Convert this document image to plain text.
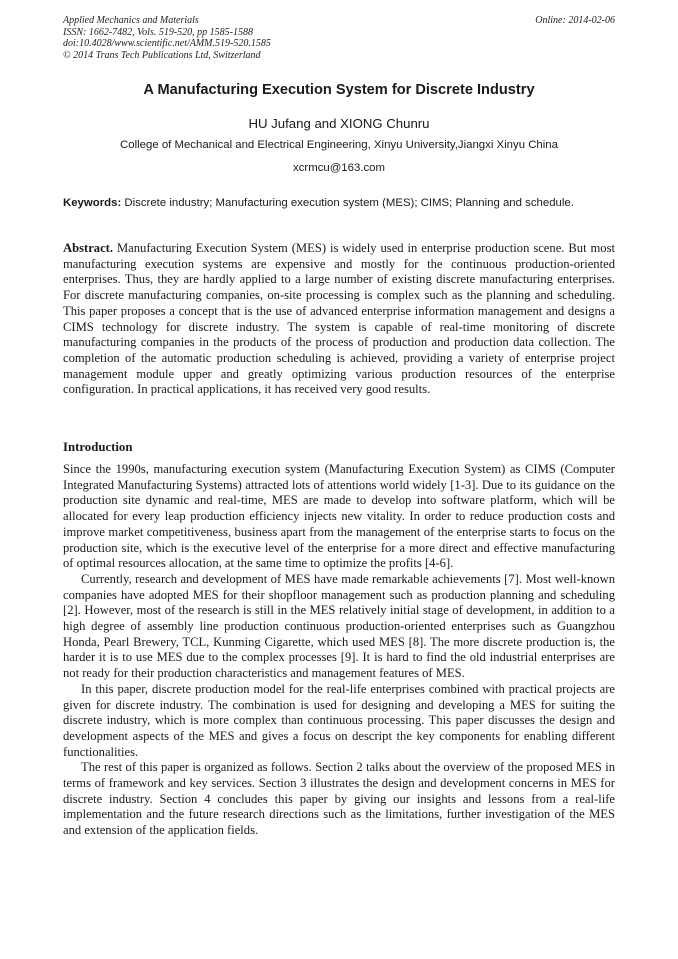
Applied Mechanics and Materials
ISSN: 1662-7482, Vols. 519-520, pp 1585-1588
doi:10.4028/www.scientific.net/AMM.519-520.1585
© 2014 Trans Tech Publications Ltd, Switzerland
Online: 2014-02-06
A Manufacturing Execution System for Discrete Industry
HU Jufang and XIONG Chunru
College of Mechanical and Electrical Engineering, Xinyu University,Jiangxi Xinyu China
xcrmcu@163.com
Keywords: Discrete industry; Manufacturing execution system (MES); CIMS; Planning and schedule.

Abstract. Manufacturing Execution System (MES) is widely used in enterprise production scene. But most manufacturing execution systems are expensive and mostly for the continuous production-oriented enterprises. Thus, they are hardly applied to a large number of existing discrete manufacturing enterprises. For discrete manufacturing companies, on-site processing is complex such as the planning and scheduling. This paper proposes a concept that is the use of advanced enterprise information management and designs a CIMS technology for discrete industry. The system is capable of real-time monitoring of discrete manufacturing companies in the products of the process of production and production data collection. The completion of the automatic production scheduling is achieved, providing a variety of enterprise project management module upper and greatly optimizing various production resources of the enterprise configuration. In practical applications, it has received very good results.

Introduction

Since the 1990s, manufacturing execution system (Manufacturing Execution System) as CIMS (Computer Integrated Manufacturing Systems) attracted lots of attentions world widely [1-3]. Due to its guidance on the production site dynamic and real-time, MES are made to develop into software platform, which will be allocated for every leap production efficiency injects new vitality. In order to reduce production costs and improve market competitiveness, business apart from the management of the enterprise starts to focus on the production site, which is the executive level of the enterprise for a more direct and effective manufacturing of optimal resources allocation, at the same time to optimize the profits [4-6].

Currently, research and development of MES have made remarkable achievements [7]. Most well-known companies have adopted MES for their shopfloor management such as production planning and scheduling [2]. However, most of the research is still in the MES relatively initial stage of development, in addition to a high degree of assembly line production continuous production-oriented enterprises such as Guangzhou Honda, Pearl Brewery, TCL, Kunming Cigarette, which used MES [8]. The more discrete production is, the harder it is to use MES due to the complex processes [9]. It is hard to find the old industrial enterprises are not ready for their production characteristics and management features of MES.

In this paper, discrete production model for the real-life enterprises combined with practical projects are given for discrete industry. The combination is used for designing and developing a MES for suiting the discrete industry, which is more complex than continuous processing. This paper discusses the design and development aspects of the MES and gives a focus on descript the key components for enabling different functionalities.

The rest of this paper is organized as follows. Section 2 talks about the overview of the proposed MES in terms of framework and key services. Section 3 illustrates the design and development concerns in MES for discrete industry. Section 4 concludes this paper by giving our insights and lessons from a real-life implementation and the future research directions such as the limitations, further investigation of the MES and extension of the application fields.
